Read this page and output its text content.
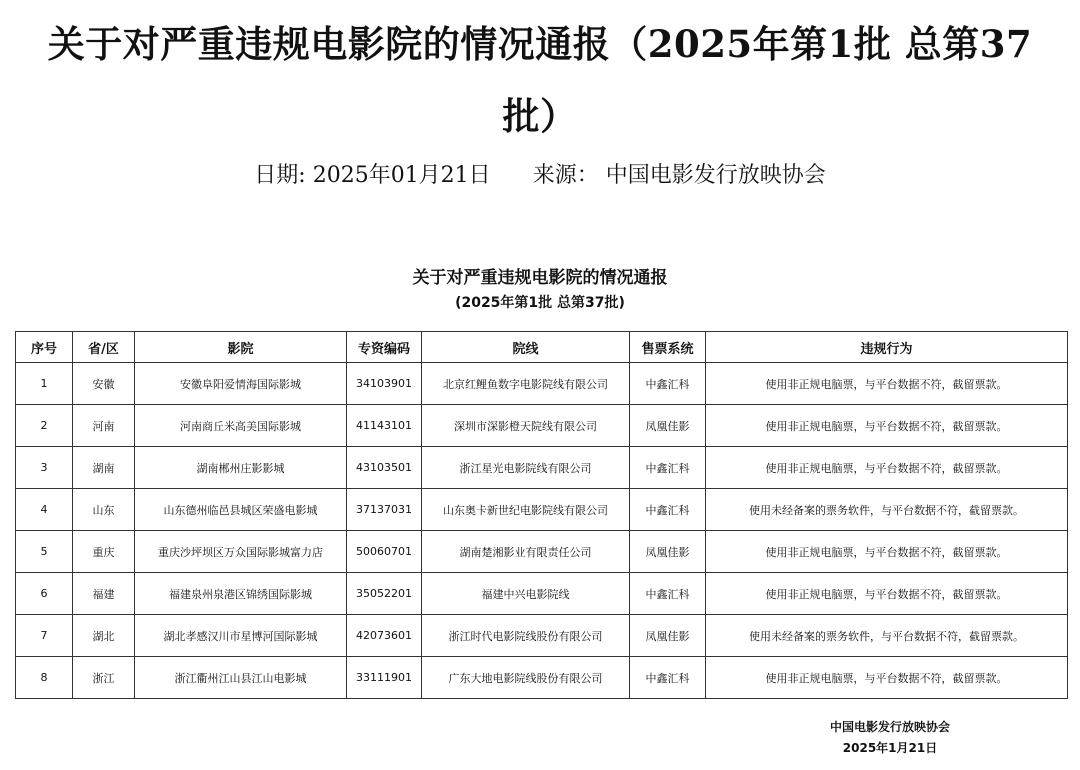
关于对严重违规电影院的情况通报（2025年第1批 总第37批）
日期: 2025年01月21日 来源： 中国电影发行放映协会
关于对严重违规电影院的情况通报
(2025年第1批 总第37批)
序号	省/区	影院	专资编码	院线	售票系统	违规行为
1	安徽	安徽阜阳爱情海国际影城	34103901	北京红鲤鱼数字电影院线有限公司	中鑫汇科	使用非正规电脑票，与平台数据不符，截留票款。
2	河南	河南商丘米高美国际影城	41143101	深圳市深影橙天院线有限公司	凤凰佳影	使用非正规电脑票，与平台数据不符，截留票款。
3	湖南	湖南郴州庄影影城	43103501	浙江星光电影院线有限公司	中鑫汇科	使用非正规电脑票，与平台数据不符，截留票款。
4	山东	山东德州临邑县城区荣盛电影城	37137031	山东奥卡新世纪电影院线有限公司	中鑫汇科	使用未经备案的票务软件，与平台数据不符，截留票款。
5	重庆	重庆沙坪坝区万众国际影城富力店	50060701	湖南楚湘影业有限责任公司	凤凰佳影	使用非正规电脑票，与平台数据不符，截留票款。
6	福建	福建泉州泉港区锦绣国际影城	35052201	福建中兴电影院线	中鑫汇科	使用非正规电脑票，与平台数据不符，截留票款。
7	湖北	湖北孝感汉川市星博河国际影城	42073601	浙江时代电影院线股份有限公司	凤凰佳影	使用未经备案的票务软件，与平台数据不符，截留票款。
8	浙江	浙江衢州江山县江山电影城	33111901	广东大地电影院线股份有限公司	中鑫汇科	使用非正规电脑票，与平台数据不符，截留票款。
中国电影发行放映协会
2025年1月21日
